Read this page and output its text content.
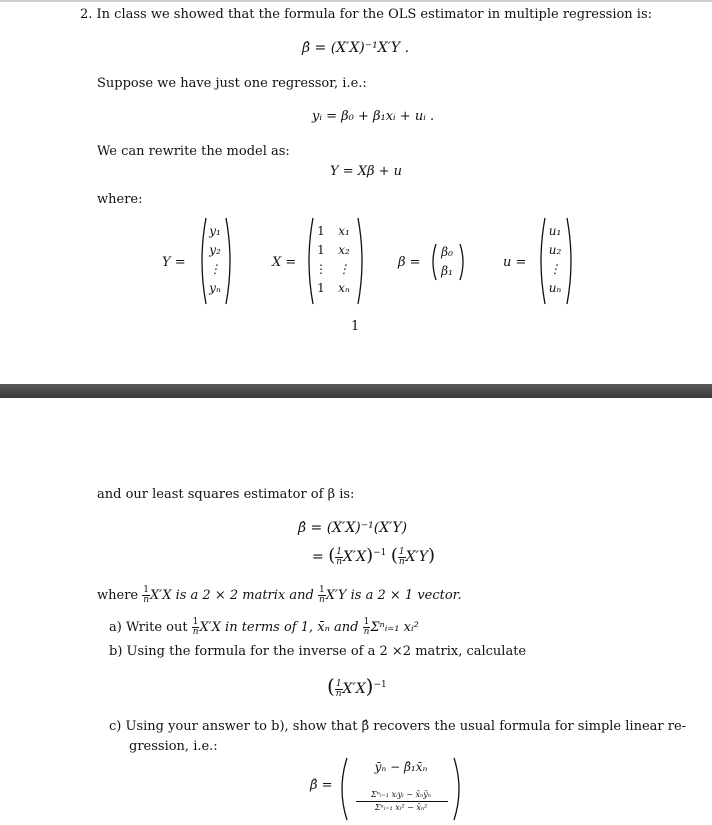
2. In class we showed that the formula for the OLS estimator in multiple regression is:
β̂ = (X′X)⁻¹X′Y .
Suppose we have just one regressor, i.e.:
yᵢ = β₀ + β₁xᵢ + uᵢ .
We can rewrite the model as:
Y = Xβ + u
where:
Y =
y₁
y₂
⋮
yₙ
X =
1
1
⋮
1
x₁
x₂
⋮
xₙ
β =
β₀
β₁
u =
u₁
u₂
⋮
uₙ
1
and our least squares estimator of β is:
β̂ = (X′X)⁻¹(X′Y)
= ( $\frac{1}{n} X'X)^{-1}$ ( $\frac{1}{n} X'Y$)
where $\frac{1}{n} X'X$ is a 2 × 2 matrix and $\frac{1}{n} X'Y$ is a 2 × 1 vector.
a) Write out $\frac{1}{n} X'X$ in terms of 1, x̄ₙ and $\frac{1}{n}$ Σⁿᵢ₌₁ xᵢ²
b) Using the formula for the inverse of a 2 ×2 matrix, calculate
( $\frac{1}{n} X'X)^{-1}$
c) Using your answer to b), show that β̂ recovers the usual formula for simple linear re-
gression, i.e.:
β̂ =
ȳₙ − β̂₁x̄ₙ
Σⁿᵢ₌₁ xᵢyᵢ − x̄ₙȳₙ
Σⁿᵢ₌₁ xᵢ² − x̄ₙ²
